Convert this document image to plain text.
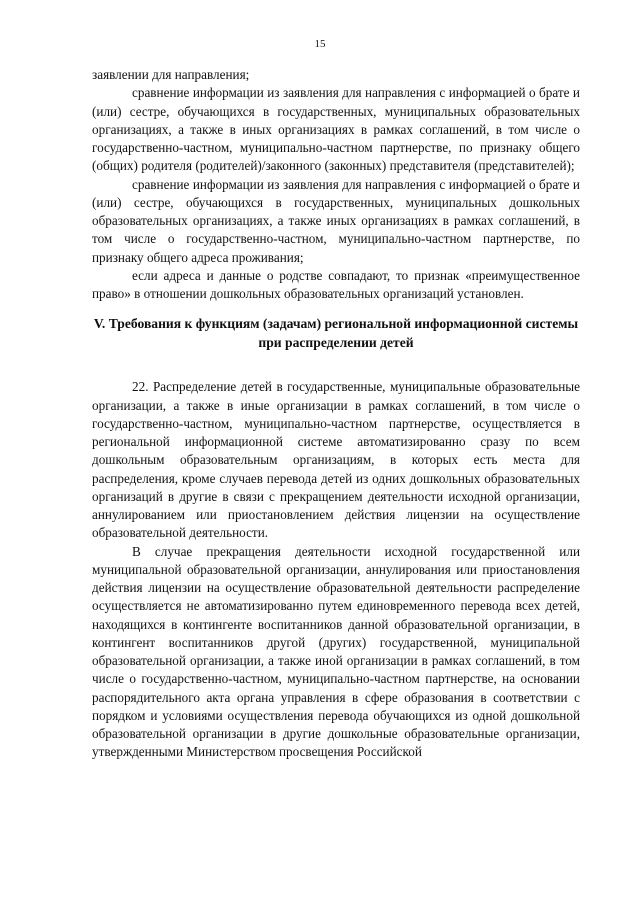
15

заявлении для направления;

сравнение информации из заявления для направления с информацией о брате и (или) сестре, обучающихся в государственных, муниципальных образовательных организациях, а также в иных организациях в рамках соглашений, в том числе о государственно-частном, муниципально-частном партнерстве, по признаку общего (общих) родителя (родителей)/законного (законных) представителя (представителей);

сравнение информации из заявления для направления с информацией о брате и (или) сестре, обучающихся в государственных, муниципальных дошкольных образовательных организациях, а также иных организациях в рамках соглашений, в том числе о государственно-частном, муниципально-частном партнерстве, по признаку общего адреса проживания;

если адреса и данные о родстве совпадают, то признак «преимущественное право» в отношении дошкольных образовательных организаций установлен.

V. Требования к функциям (задачам) региональной информационной системы при распределении детей

22. Распределение детей в государственные, муниципальные образовательные организации, а также в иные организации в рамках соглашений, в том числе о государственно-частном, муниципально-частном партнерстве, осуществляется в региональной информационной системе автоматизированно сразу по всем дошкольным образовательным организациям, в которых есть места для распределения, кроме случаев перевода детей из одних дошкольных образовательных организаций в другие в связи с прекращением деятельности исходной организации, аннулированием или приостановлением действия лицензии на осуществление образовательной деятельности.

В случае прекращения деятельности исходной государственной или муниципальной образовательной организации, аннулирования или приостановления действия лицензии на осуществление образовательной деятельности распределение осуществляется не автоматизированно путем единовременного перевода всех детей, находящихся в контингенте воспитанников данной образовательной организации, в контингент воспитанников другой (других) государственной, муниципальной образовательной организации, а также иной организации в рамках соглашений, в том числе о государственно-частном, муниципально-частном партнерстве, на основании распорядительного акта органа управления в сфере образования в соответствии с порядком и условиями осуществления перевода обучающихся из одной дошкольной образовательной организации в другие дошкольные образовательные организации, утвержденными Министерством просвещения Российской
